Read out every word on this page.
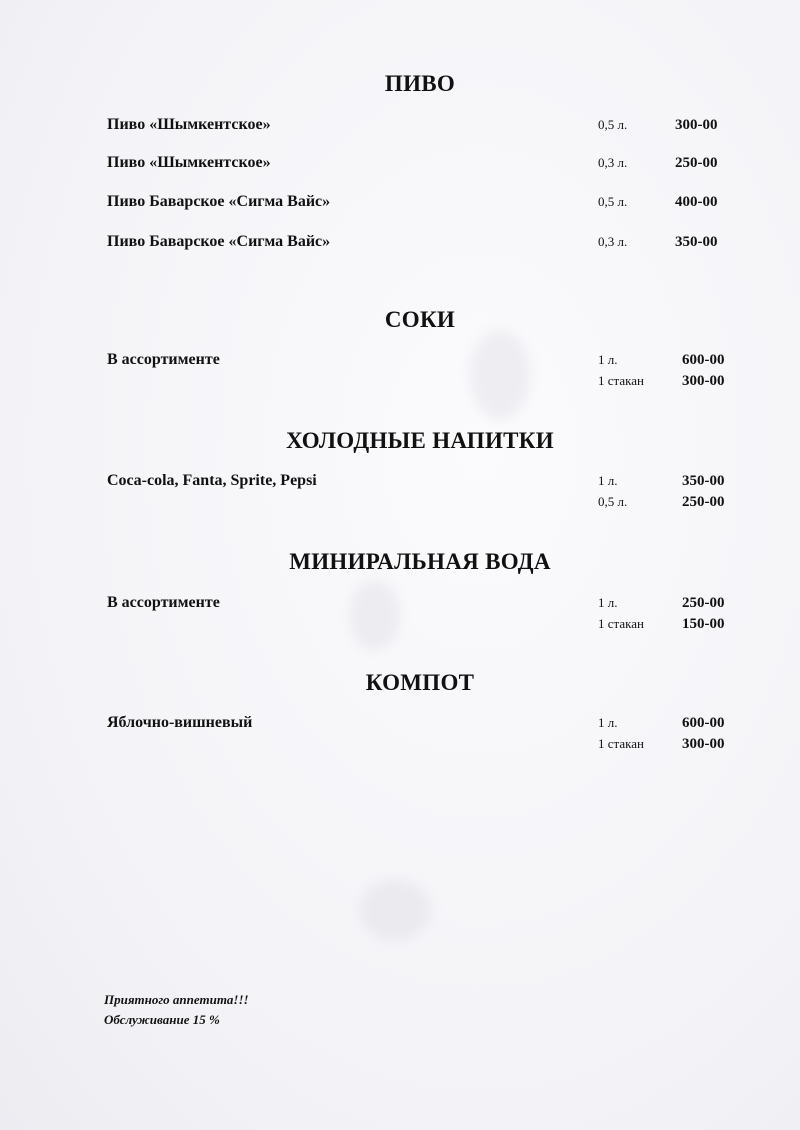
ПИВО
Пиво «Шымкентское»	0,5 л.	300-00
Пиво «Шымкентское»	0,3 л.	250-00
Пиво Баварское «Сигма Вайс»	0,5 л.	400-00
Пиво Баварское «Сигма Вайс»	0,3 л.	350-00
СОКИ
В ассортименте	1 л.	600-00
1 стакан	300-00
ХОЛОДНЫЕ НАПИТКИ
Coca-cola, Fanta, Sprite, Pepsi	1 л.	350-00
0,5 л.	250-00
МИНИРАЛЬНАЯ ВОДА
В ассортименте	1 л.	250-00
1 стакан	150-00
КОМПОТ
Яблочно-вишневый	1 л.	600-00
1 стакан	300-00
Приятного аппетита!!!
Обслуживание 15 %
